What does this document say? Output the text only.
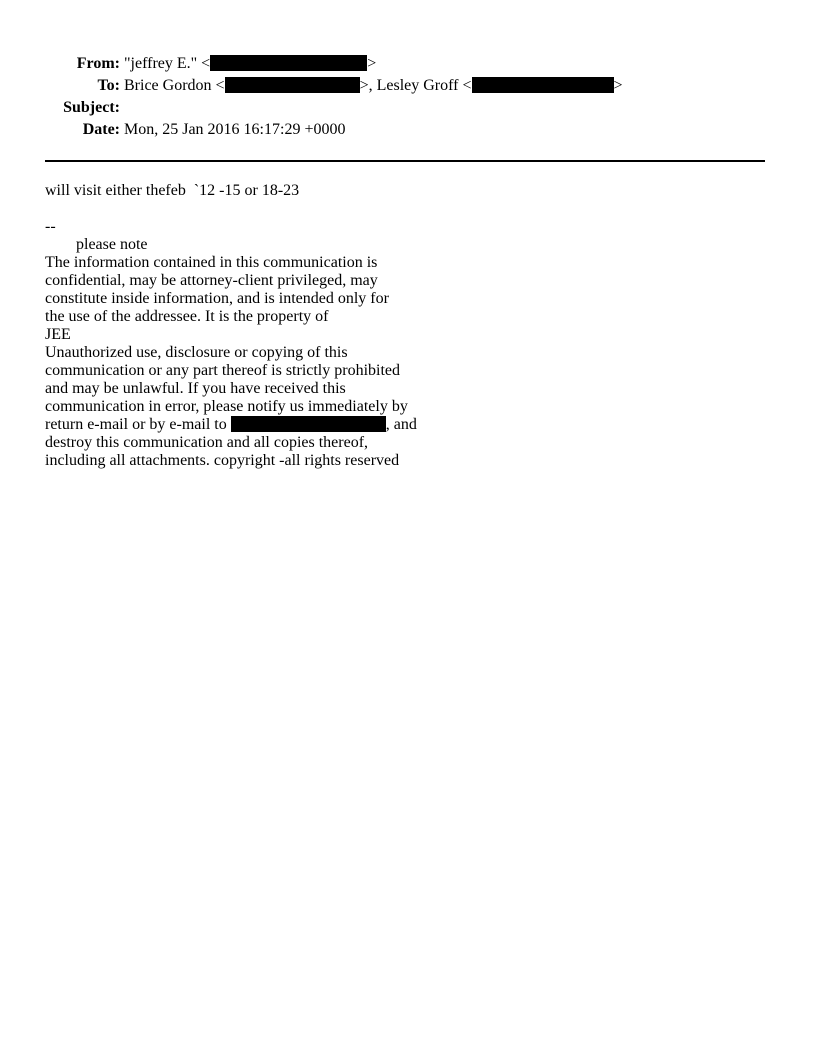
From: "jeffrey E." <	>
To: Brice Gordon <	>, Lesley Groff <	>
Subject:
Date: Mon, 25 Jan 2016 16:17:29 +0000
will visit either thefeb  `12 -15 or 18-23
--
please note
The information contained in this communication is
confidential, may be attorney-client privileged, may
constitute inside information, and is intended only for
the use of the addressee. It is the property of
JEE
Unauthorized use, disclosure or copying of this
communication or any part thereof is strictly prohibited
and may be unlawful. If you have received this
communication in error, please notify us immediately by
return e-mail or by e-mail to	, and
destroy this communication and all copies thereof,
including all attachments. copyright -all rights reserved
